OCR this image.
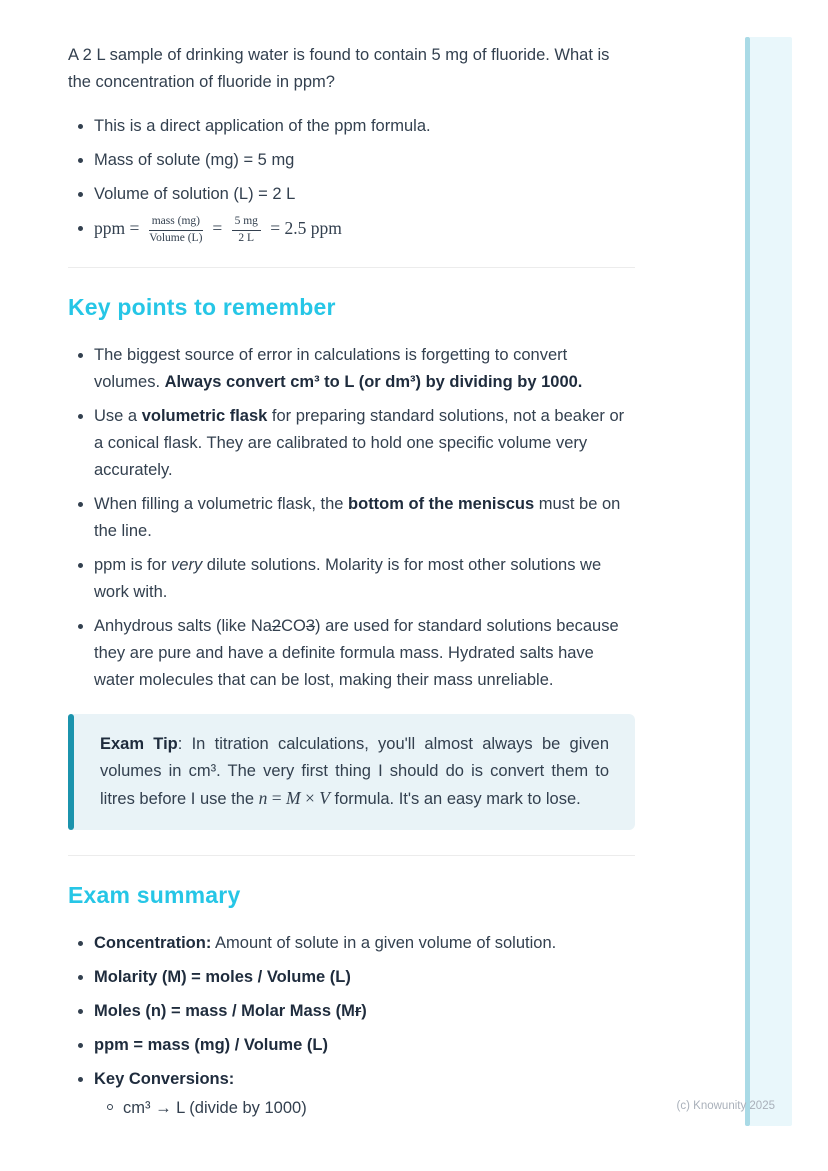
A 2 L sample of drinking water is found to contain 5 mg of fluoride. What is the concentration of fluoride in ppm?

This is a direct application of the ppm formula.
Mass of solute (mg) = 5 mg
Volume of solution (L) = 2 L
ppm = $\frac{\text{mass (mg)}}{\text{Volume (L)}} = \frac{5 mg}{2 L} = 2.5$ ppm
Key points to remember
The biggest source of error in calculations is forgetting to convert volumes. Always convert cm³ to L (or dm³) by dividing by 1000.
Use a volumetric flask for preparing standard solutions, not a beaker or a conical flask. They are calibrated to hold one specific volume very accurately.
When filling a volumetric flask, the bottom of the meniscus must be on the line.
ppm is for very dilute solutions. Molarity is for most other solutions we work with.
Anhydrous salts (like Na2CO3) are used for standard solutions because they are pure and have a definite formula mass. Hydrated salts have water molecules that can be lost, making their mass unreliable.
Exam Tip: In titration calculations, you'll almost always be given volumes in cm³. The very first thing I should do is convert them to litres before I use the n = M × V formula. It's an easy mark to lose.
Exam summary
Concentration: Amount of solute in a given volume of solution.
Molarity (M) = moles / Volume (L)
Moles (n) = mass / Molar Mass (Mr)
ppm = mass (mg) / Volume (L)
Key Conversions:
cm³ → L (divide by 1000)	(c) Knowunity 2025
